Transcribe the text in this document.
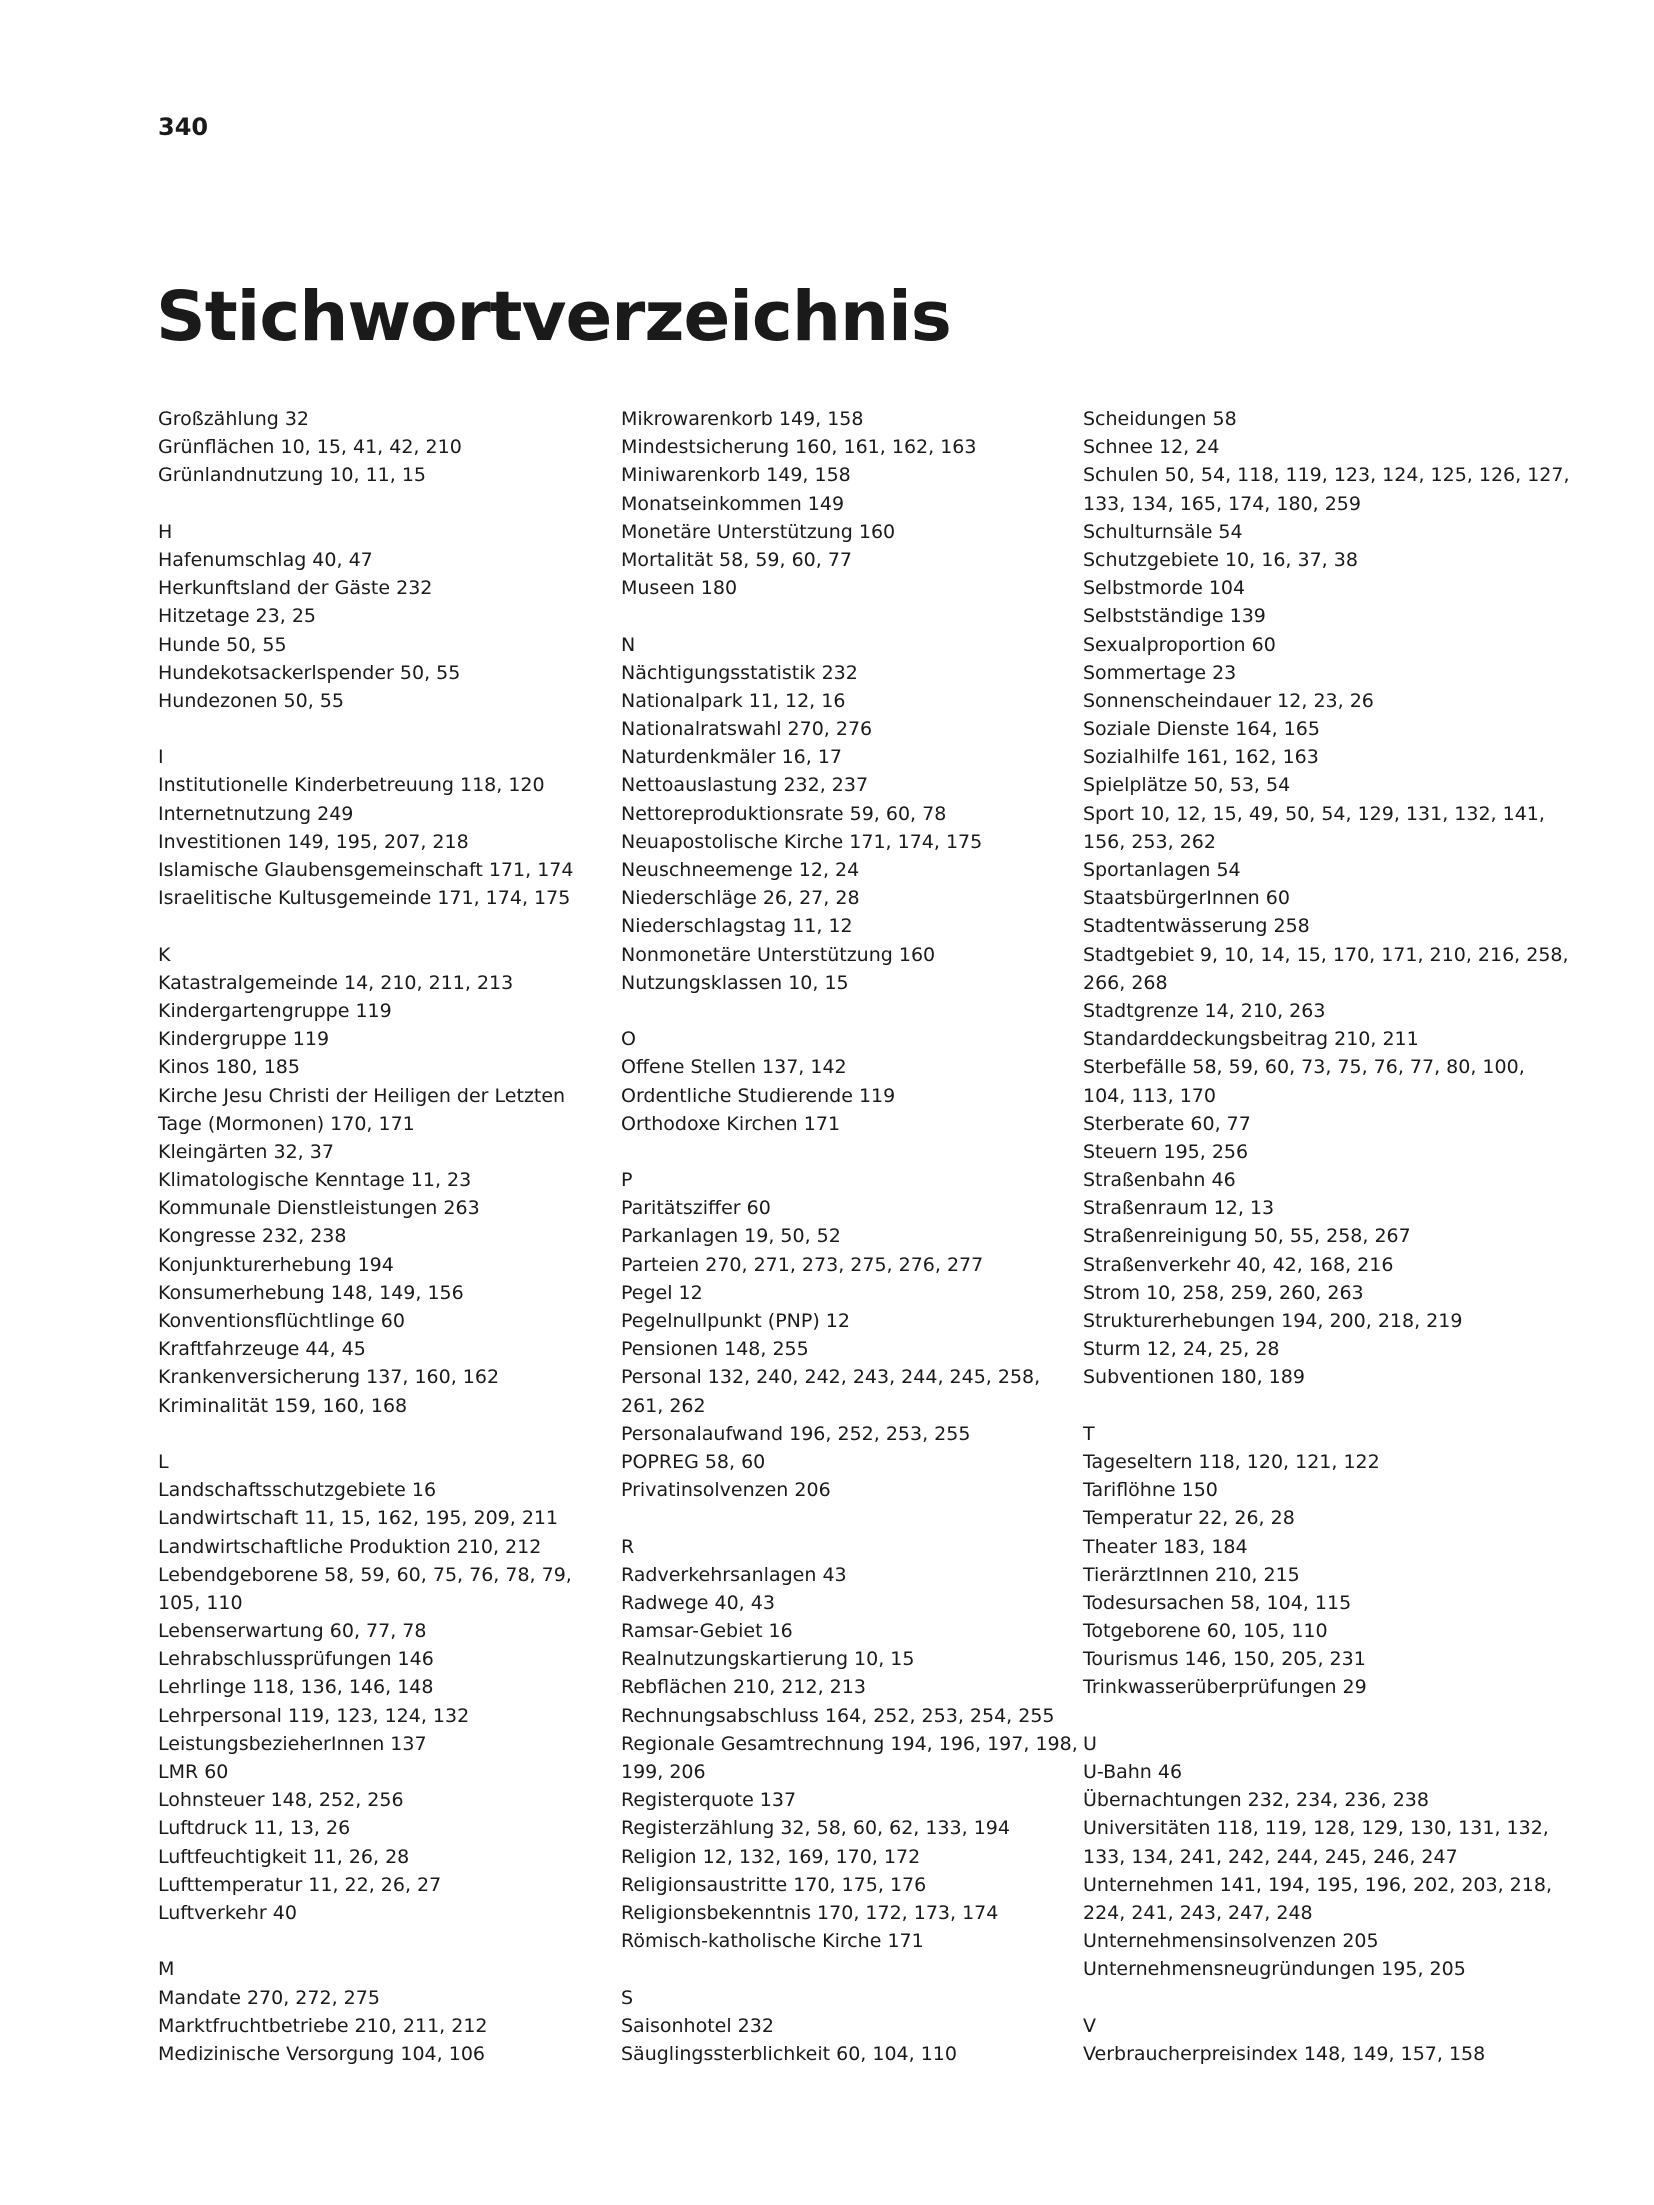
340
Stichwortverzeichnis
Großzählung 32
Grünflächen 10, 15, 41, 42, 210
Grünlandnutzung 10, 11, 15
H
Hafenumschlag 40, 47
Herkunftsland der Gäste 232
Hitzetage 23, 25
Hunde 50, 55
Hundekotsackerlspender 50, 55
Hundezonen 50, 55
I
Institutionelle Kinderbetreuung 118, 120
Internetnutzung 249
Investitionen 149, 195, 207, 218
Islamische Glaubensgemeinschaft 171, 174
Israelitische Kultusgemeinde 171, 174, 175
K
Katastralgemeinde 14, 210, 211, 213
Kindergartengruppe 119
Kindergruppe 119
Kinos 180, 185
Kirche Jesu Christi der Heiligen der Letzten
Tage (Mormonen) 170, 171
Kleingärten 32, 37
Klimatologische Kenntage 11, 23
Kommunale Dienstleistungen 263
Kongresse 232, 238
Konjunkturerhebung 194
Konsumerhebung 148, 149, 156
Konventionsflüchtlinge 60
Kraftfahrzeuge 44, 45
Krankenversicherung 137, 160, 162
Kriminalität 159, 160, 168
L
Landschaftsschutzgebiete 16
Landwirtschaft 11, 15, 162, 195, 209, 211
Landwirtschaftliche Produktion 210, 212
Lebendgeborene 58, 59, 60, 75, 76, 78, 79,
105, 110
Lebenserwartung 60, 77, 78
Lehrabschlussprüfungen 146
Lehrlinge 118, 136, 146, 148
Lehrpersonal 119, 123, 124, 132
LeistungsbezieherInnen 137
LMR 60
Lohnsteuer 148, 252, 256
Luftdruck 11, 13, 26
Luftfeuchtigkeit 11, 26, 28
Lufttemperatur 11, 22, 26, 27
Luftverkehr 40
M
Mandate 270, 272, 275
Marktfruchtbetriebe 210, 211, 212
Medizinische Versorgung 104, 106
Mikrowarenkorb 149, 158
Mindestsicherung 160, 161, 162, 163
Miniwarenkorb 149, 158
Monatseinkommen 149
Monetäre Unterstützung 160
Mortalität 58, 59, 60, 77
Museen 180
N
Nächtigungsstatistik 232
Nationalpark 11, 12, 16
Nationalratswahl 270, 276
Naturdenkmäler 16, 17
Nettoauslastung 232, 237
Nettoreproduktionsrate 59, 60, 78
Neuapostolische Kirche 171, 174, 175
Neuschneemenge 12, 24
Niederschläge 26, 27, 28
Niederschlagstag 11, 12
Nonmonetäre Unterstützung 160
Nutzungsklassen 10, 15
O
Offene Stellen 137, 142
Ordentliche Studierende 119
Orthodoxe Kirchen 171
P
Paritätsziffer 60
Parkanlagen 19, 50, 52
Parteien 270, 271, 273, 275, 276, 277
Pegel 12
Pegelnullpunkt (PNP) 12
Pensionen 148, 255
Personal 132, 240, 242, 243, 244, 245, 258,
261, 262
Personalaufwand 196, 252, 253, 255
POPREG 58, 60
Privatinsolvenzen 206
R
Radverkehrsanlagen 43
Radwege 40, 43
Ramsar-Gebiet 16
Realnutzungskartierung 10, 15
Rebflächen 210, 212, 213
Rechnungsabschluss 164, 252, 253, 254, 255
Regionale Gesamtrechnung 194, 196, 197, 198,
199, 206
Registerquote 137
Registerzählung 32, 58, 60, 62, 133, 194
Religion 12, 132, 169, 170, 172
Religionsaustritte 170, 175, 176
Religionsbekenntnis 170, 172, 173, 174
Römisch-katholische Kirche 171
S
Saisonhotel 232
Säuglingssterblichkeit 60, 104, 110
Scheidungen 58
Schnee 12, 24
Schulen 50, 54, 118, 119, 123, 124, 125, 126, 127,
133, 134, 165, 174, 180, 259
Schulturnsäle 54
Schutzgebiete 10, 16, 37, 38
Selbstmorde 104
Selbstständige 139
Sexualproportion 60
Sommertage 23
Sonnenscheindauer 12, 23, 26
Soziale Dienste 164, 165
Sozialhilfe 161, 162, 163
Spielplätze 50, 53, 54
Sport 10, 12, 15, 49, 50, 54, 129, 131, 132, 141,
156, 253, 262
Sportanlagen 54
StaatsbürgerInnen 60
Stadtentwässerung 258
Stadtgebiet 9, 10, 14, 15, 170, 171, 210, 216, 258,
266, 268
Stadtgrenze 14, 210, 263
Standarddeckungsbeitrag 210, 211
Sterbefälle 58, 59, 60, 73, 75, 76, 77, 80, 100,
104, 113, 170
Sterberate 60, 77
Steuern 195, 256
Straßenbahn 46
Straßenraum 12, 13
Straßenreinigung 50, 55, 258, 267
Straßenverkehr 40, 42, 168, 216
Strom 10, 258, 259, 260, 263
Strukturerhebungen 194, 200, 218, 219
Sturm 12, 24, 25, 28
Subventionen 180, 189
T
Tageseltern 118, 120, 121, 122
Tariflöhne 150
Temperatur 22, 26, 28
Theater 183, 184
TierärztInnen 210, 215
Todesursachen 58, 104, 115
Totgeborene 60, 105, 110
Tourismus 146, 150, 205, 231
Trinkwasserüberprüfungen 29
U
U-Bahn 46
Übernachtungen 232, 234, 236, 238
Universitäten 118, 119, 128, 129, 130, 131, 132,
133, 134, 241, 242, 244, 245, 246, 247
Unternehmen 141, 194, 195, 196, 202, 203, 218,
224, 241, 243, 247, 248
Unternehmensinsolvenzen 205
Unternehmensneugründungen 195, 205
V
Verbraucherpreisindex 148, 149, 157, 158
